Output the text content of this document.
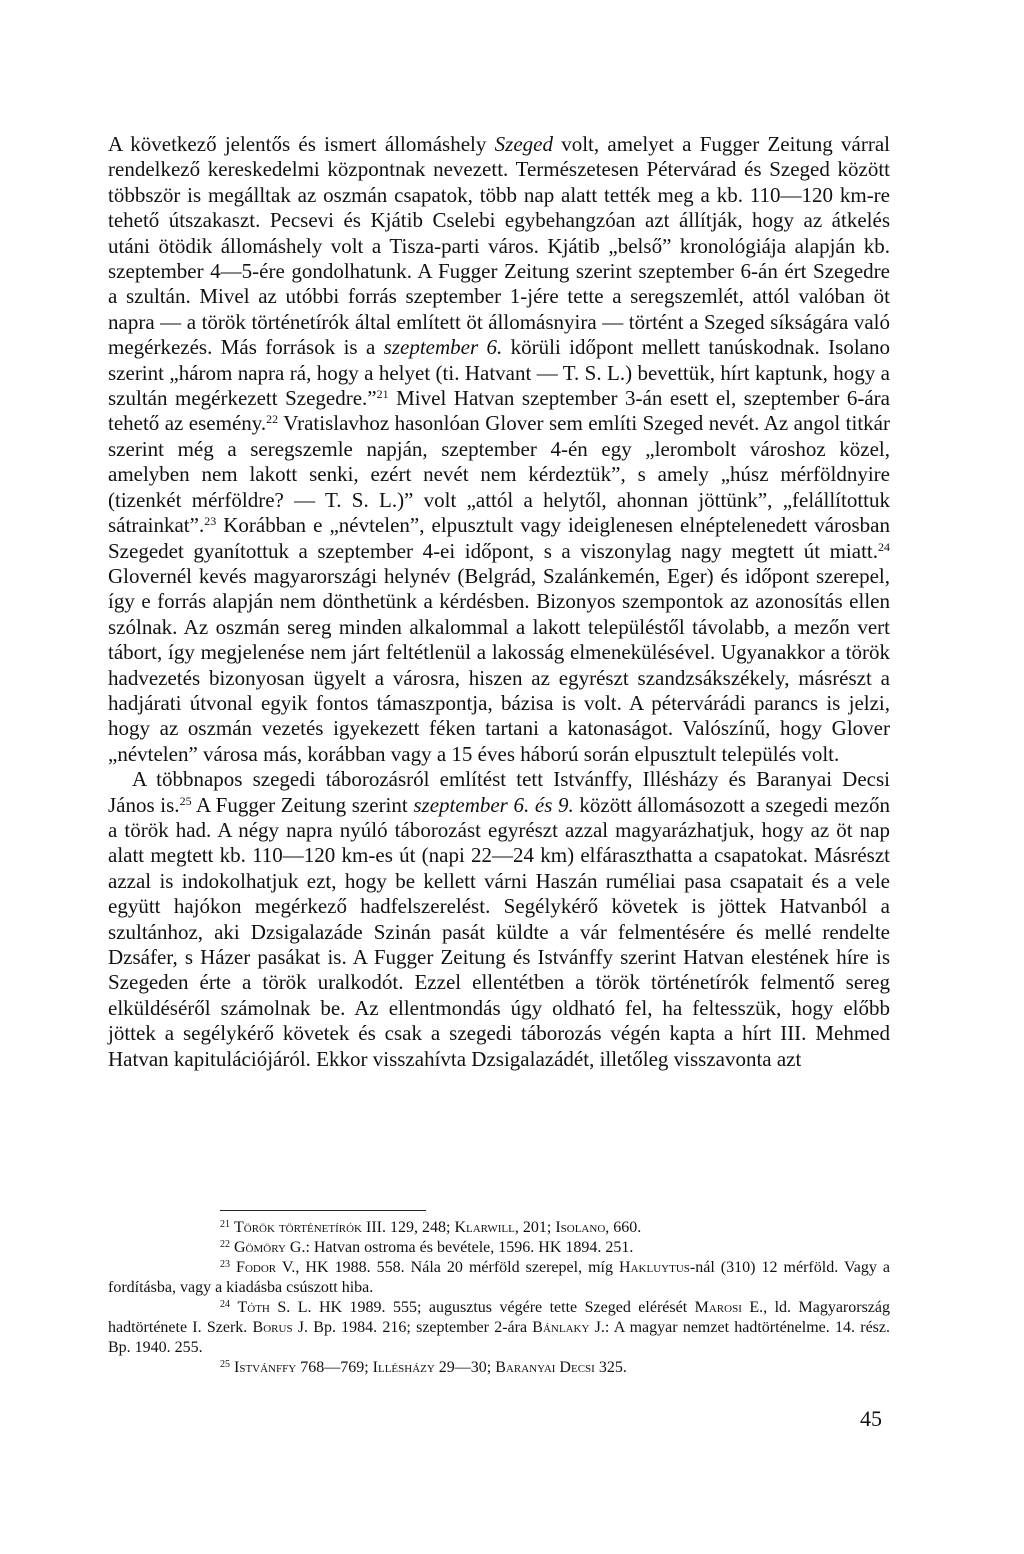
A következő jelentős és ismert állomáshely Szeged volt, amelyet a Fugger Zeitung várral rendelkező kereskedelmi központnak nevezett. Természetesen Pétervárad és Szeged között többször is megálltak az oszmán csapatok, több nap alatt tették meg a kb. 110—120 km-re tehető útszakaszt. Pecsevi és Kjátib Cselebi egybehangzóan azt állítják, hogy az átkelés utáni ötödik állomáshely volt a Tisza-parti város. Kjátib „belső” kronológiája alapján kb. szeptember 4—5-ére gondolhatunk. A Fugger Zeitung szerint szeptember 6-án ért Szegedre a szultán. Mivel az utóbbi forrás szeptember 1-jére tette a seregszemlét, attól valóban öt napra — a török történetírók által említett öt állomásnyira — történt a Szeged síkságára való megérkezés. Más források is a szeptember 6. körüli időpont mellett tanúskodnak. Isolano szerint „három napra rá, hogy a helyet (ti. Hatvant — T. S. L.) bevettük, hírt kaptunk, hogy a szultán megérkezett Szegedre.”$^{21}$ Mivel Hatvan szeptember 3-án esett el, szeptember 6-ára tehető az esemény.$^{22}$ Vratislavhoz hasonlóan Glover sem említi Szeged nevét. Az angol titkár szerint még a seregszemle napján, szeptember 4-én egy „lerombolt városhoz közel, amelyben nem lakott senki, ezért nevét nem kérdeztük”, s amely „húsz mérföldnyire (tizenkét mérföldre? — T. S. L.)” volt „attól a helytől, ahonnan jöttünk”, „felállítottuk sátrainkat”.$^{23}$ Korábban e „névtelen”, elpusztult vagy ideiglenesen elnéptelenedett városban Szegedet gyanítottuk a szeptember 4-ei időpont, s a viszonylag nagy megtett út miatt.$^{24}$ Glovernél kevés magyarországi helynév (Belgrád, Szalánkemén, Eger) és időpont szerepel, így e forrás alapján nem dönthetünk a kérdésben. Bizonyos szempontok az azonosítás ellen szólnak. Az oszmán sereg minden alkalommal a lakott településtől távolabb, a mezőn vert tábort, így megjelenése nem járt feltétlenül a lakosság elmenekülésével. Ugyanakkor a török hadvezetés bizonyosan ügyelt a városra, hiszen az egyrészt szandzsákszékely, másrészt a hadjárati útvonal egyik fontos támaszpontja, bázisa is volt. A pétervárádi parancs is jelzi, hogy az oszmán vezetés igyekezett féken tartani a katonaságot. Valószínű, hogy Glover „névtelen” városa más, korábban vagy a 15 éves háború során elpusztult település volt.

A többnapos szegedi táborozásról említést tett Istvánffy, Illésházy és Baranyai Decsi János is.$^{25}$ A Fugger Zeitung szerint szeptember 6. és 9. között állomásozott a szegedi mezőn a török had. A négy napra nyúló táborozást egyrészt azzal magyarázhatjuk, hogy az öt nap alatt megtett kb. 110—120 km-es út (napi 22—24 km) elfáraszthatta a csapatokat. Másrészt azzal is indokolhatjuk ezt, hogy be kellett várni Haszán ruméliai pasa csapatait és a vele együtt hajókon megérkező hadfelszerelést. Segélykérő követek is jöttek Hatvanból a szultánhoz, aki Dzsigalazáde Szinán pasát küldte a vár felmentésére és mellé rendelte Dzsáfer, s Házer pasákat is. A Fugger Zeitung és Istvánffy szerint Hatvan elestének híre is Szegeden érte a török uralkodót. Ezzel ellentétben a török történetírók felmentő sereg elküldéséről számolnak be. Az ellentmondás úgy oldható fel, ha feltesszük, hogy előbb jöttek a segélykérő követek és csak a szegedi táborozás végén kapta a hírt III. Mehmed Hatvan kapitulációjáról. Ekkor visszahívta Dzsigalazádét, illetőleg visszavonta azt

$^{21}$ Török történetírók III. 129, 248; Klarwill, 201; Isolano, 660.

$^{22}$ Gömöry G.: Hatvan ostroma és bevétele, 1596. HK 1894. 251.

$^{23}$ Fodor V., HK 1988. 558. Nála 20 mérföld szerepel, míg Hakluytus-nál (310) 12 mérföld. Vagy a fordításba, vagy a kiadásba csúszott hiba.

$^{24}$ Tóth S. L. HK 1989. 555; augusztus végére tette Szeged elérését Marosi E., ld. Magyarország hadtörténete I. Szerk. Borus J. Bp. 1984. 216; szeptember 2-ára Bánlaky J.: A magyar nemzet hadtörténelme. 14. rész. Bp. 1940. 255.

$^{25}$ Istvánffy 768—769; Illésházy 29—30; Baranyai Decsi 325.

45
